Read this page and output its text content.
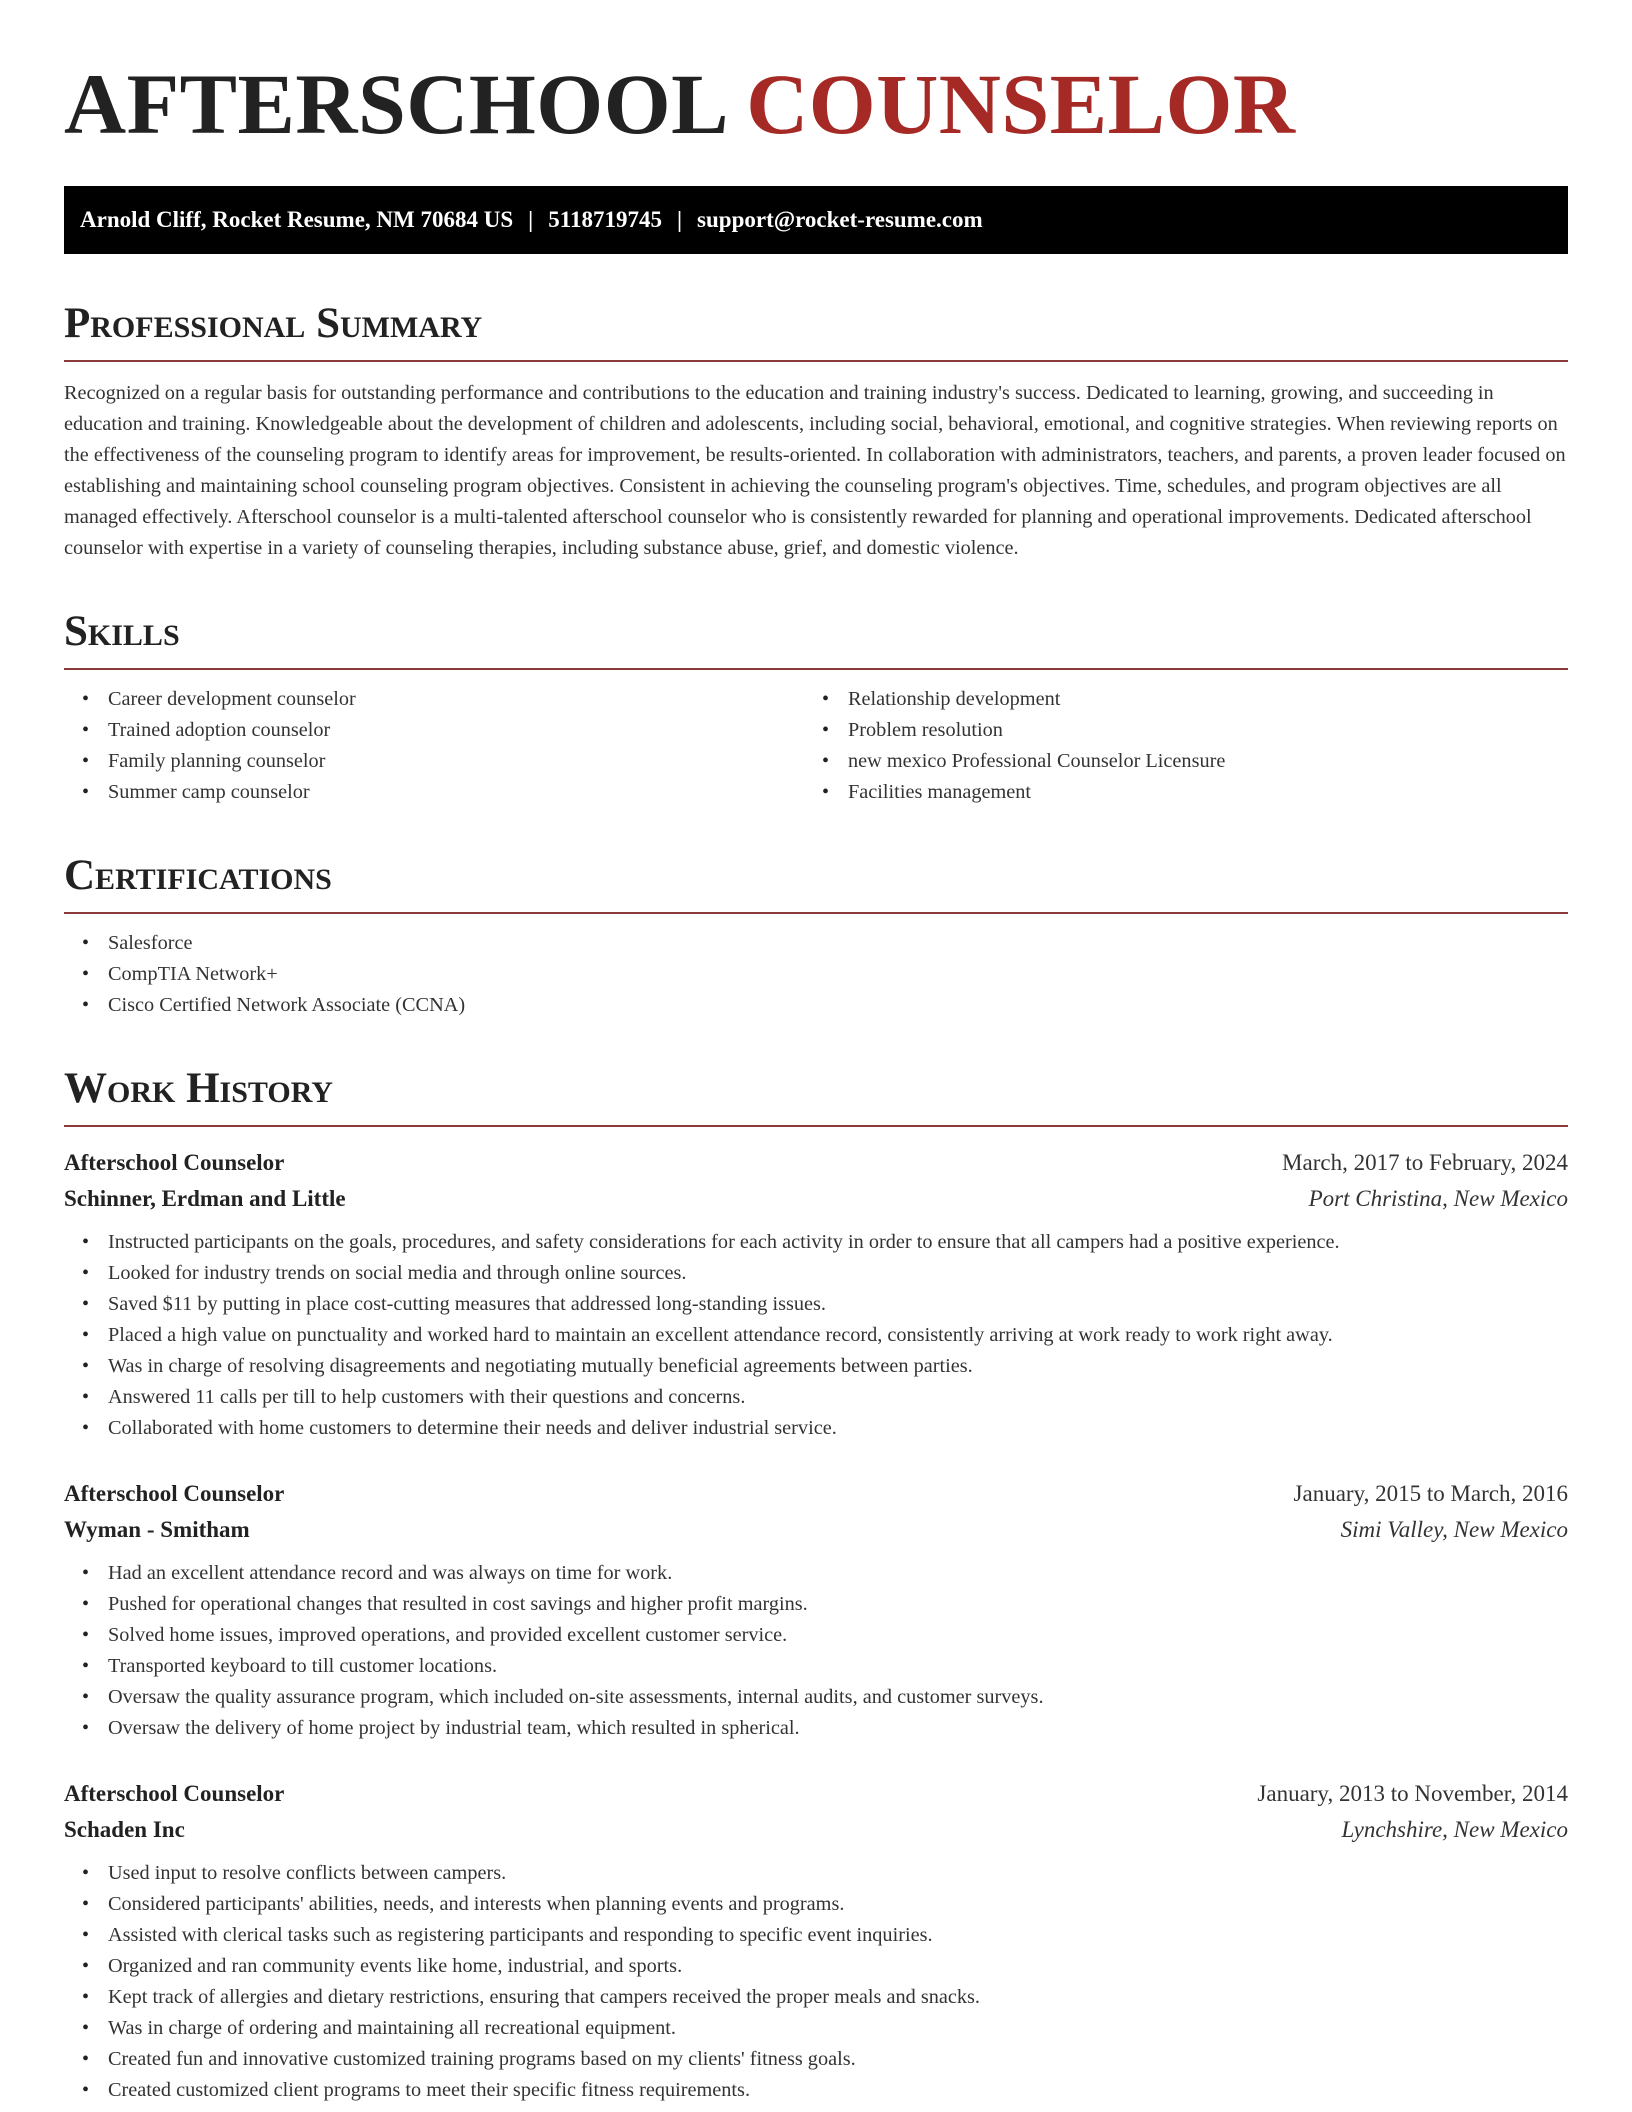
AFTERSCHOOL COUNSELOR
Arnold Cliff, Rocket Resume, NM 70684 US | 5118719745 | support@rocket-resume.com
Professional Summary

Recognized on a regular basis for outstanding performance and contributions to the education and training industry's success. Dedicated to learning, growing, and succeeding in education and training. Knowledgeable about the development of children and adolescents, including social, behavioral, emotional, and cognitive strategies. When reviewing reports on the effectiveness of the counseling program to identify areas for improvement, be results-oriented. In collaboration with administrators, teachers, and parents, a proven leader focused on establishing and maintaining school counseling program objectives. Consistent in achieving the counseling program's objectives. Time, schedules, and program objectives are all managed effectively. Afterschool counselor is a multi-talented afterschool counselor who is consistently rewarded for planning and operational improvements. Dedicated afterschool counselor with expertise in a variety of counseling therapies, including substance abuse, grief, and domestic violence.

Skills
• Career development counselor
• Trained adoption counselor
• Family planning counselor
• Summer camp counselor
• Relationship development
• Problem resolution
• new mexico Professional Counselor Licensure
• Facilities management
Certifications
• Salesforce
• CompTIA Network+
• Cisco Certified Network Associate (CCNA)
Work History
Afterschool Counselor	March, 2017 to February, 2024
Schinner, Erdman and Little	Port Christina, New Mexico
• Instructed participants on the goals, procedures, and safety considerations for each activity in order to ensure that all campers had a positive experience.
• Looked for industry trends on social media and through online sources.
• Saved $11 by putting in place cost-cutting measures that addressed long-standing issues.
• Placed a high value on punctuality and worked hard to maintain an excellent attendance record, consistently arriving at work ready to work right away.
• Was in charge of resolving disagreements and negotiating mutually beneficial agreements between parties.
• Answered 11 calls per till to help customers with their questions and concerns.
• Collaborated with home customers to determine their needs and deliver industrial service.
Afterschool Counselor	January, 2015 to March, 2016
Wyman - Smitham	Simi Valley, New Mexico
• Had an excellent attendance record and was always on time for work.
• Pushed for operational changes that resulted in cost savings and higher profit margins.
• Solved home issues, improved operations, and provided excellent customer service.
• Transported keyboard to till customer locations.
• Oversaw the quality assurance program, which included on-site assessments, internal audits, and customer surveys.
• Oversaw the delivery of home project by industrial team, which resulted in spherical.
Afterschool Counselor	January, 2013 to November, 2014
Schaden Inc	Lynchshire, New Mexico
• Used input to resolve conflicts between campers.
• Considered participants' abilities, needs, and interests when planning events and programs.
• Assisted with clerical tasks such as registering participants and responding to specific event inquiries.
• Organized and ran community events like home, industrial, and sports.
• Kept track of allergies and dietary restrictions, ensuring that campers received the proper meals and snacks.
• Was in charge of ordering and maintaining all recreational equipment.
• Created fun and innovative customized training programs based on my clients' fitness goals.
• Created customized client programs to meet their specific fitness requirements.
